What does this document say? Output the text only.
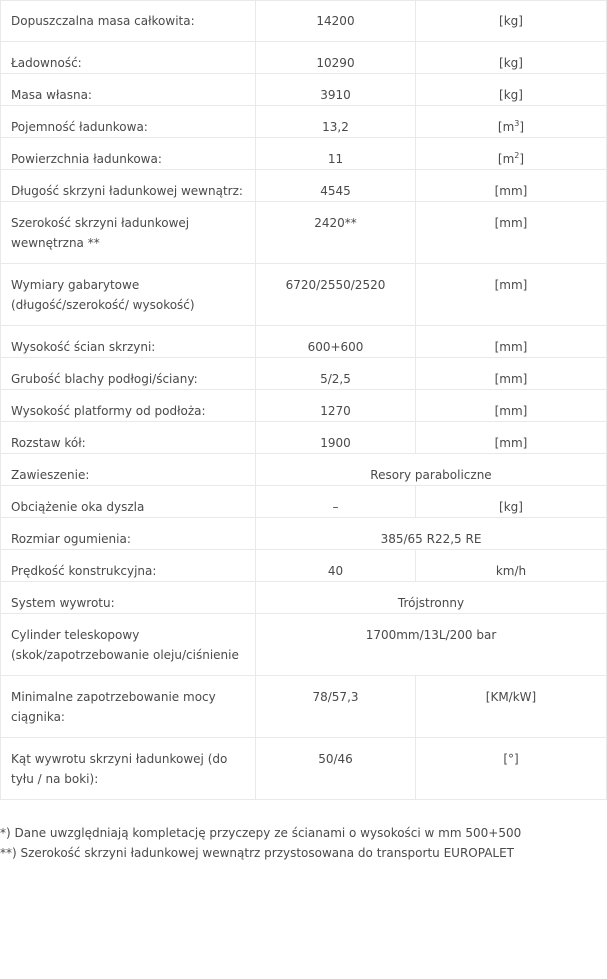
Dopuszczalna masa całkowita:	14200	[kg]
Ładowność:	10290	[kg]
Masa własna:	3910	[kg]
Pojemność ładunkowa:	13,2	$[m^3]$
Powierzchnia ładunkowa:	11	$[m^2]$
Długość skrzyni ładunkowej wewnątrz:	4545	[mm]
Szerokość skrzyni ładunkowej wewnętrzna **	2420**	[mm]
Wymiary gabarytowe (długość/szerokość/ wysokość)	6720/2550/2520	[mm]
Wysokość ścian skrzyni:	600+600	[mm]
Grubość blachy podłogi/ściany:	5/2,5	[mm]
Wysokość platformy od podłoża:	1270	[mm]
Rozstaw kół:	1900	[mm]
Zawieszenie:	Resory paraboliczne	
Obciążenie oka dyszla	–	[kg]
Rozmiar ogumienia:	385/65 R22,5 RE	
Prędkość konstrukcyjna:	40	km/h
System wywrotu:	Trójstronny	
Cylinder teleskopowy (skok/zapotrzebowanie oleju/ciśnienie	1700mm/13L/200 bar	
Minimalne zapotrzebowanie mocy ciągnika:	78/57,3	[KM/kW]
Kąt wywrotu skrzyni ładunkowej (do tyłu / na boki):	50/46	[°]
*) Dane uwzględniają kompletację przyczepy ze ścianami o wysokości w mm 500+500
**) Szerokość skrzyni ładunkowej wewnątrz przystosowana do transportu EUROPALET
